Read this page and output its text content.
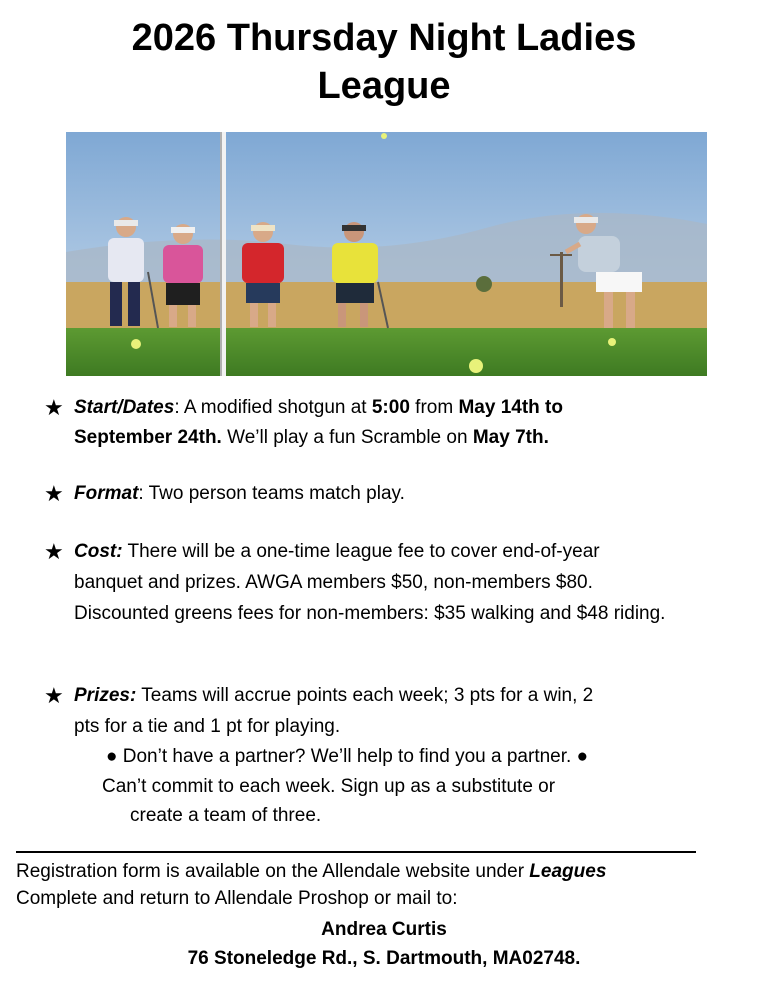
2026 Thursday Night Ladies
League
★ Start/Dates: A modified shotgun at 5:00 from May 14th to
September 24th. We’ll play a fun Scramble on May 7th.
★ Format: Two person teams match play.
★ Cost: There will be a one-time league fee to cover end-of-year
banquet and prizes. AWGA members $50, non-members $80.
Discounted greens fees for non-members: $35 walking and $48 riding.
★ Prizes: Teams will accrue points each week; 3 pts for a win, 2
pts for a tie and 1 pt for playing.
● Don’t have a partner? We’ll help to find you a partner. ●
Can’t commit to each week. Sign up as a substitute or
create a team of three.
Registration form is available on the Allendale website under Leagues
Complete and return to Allendale Proshop or mail to:
Andrea Curtis
76 Stoneledge Rd., S. Dartmouth, MA02748.
